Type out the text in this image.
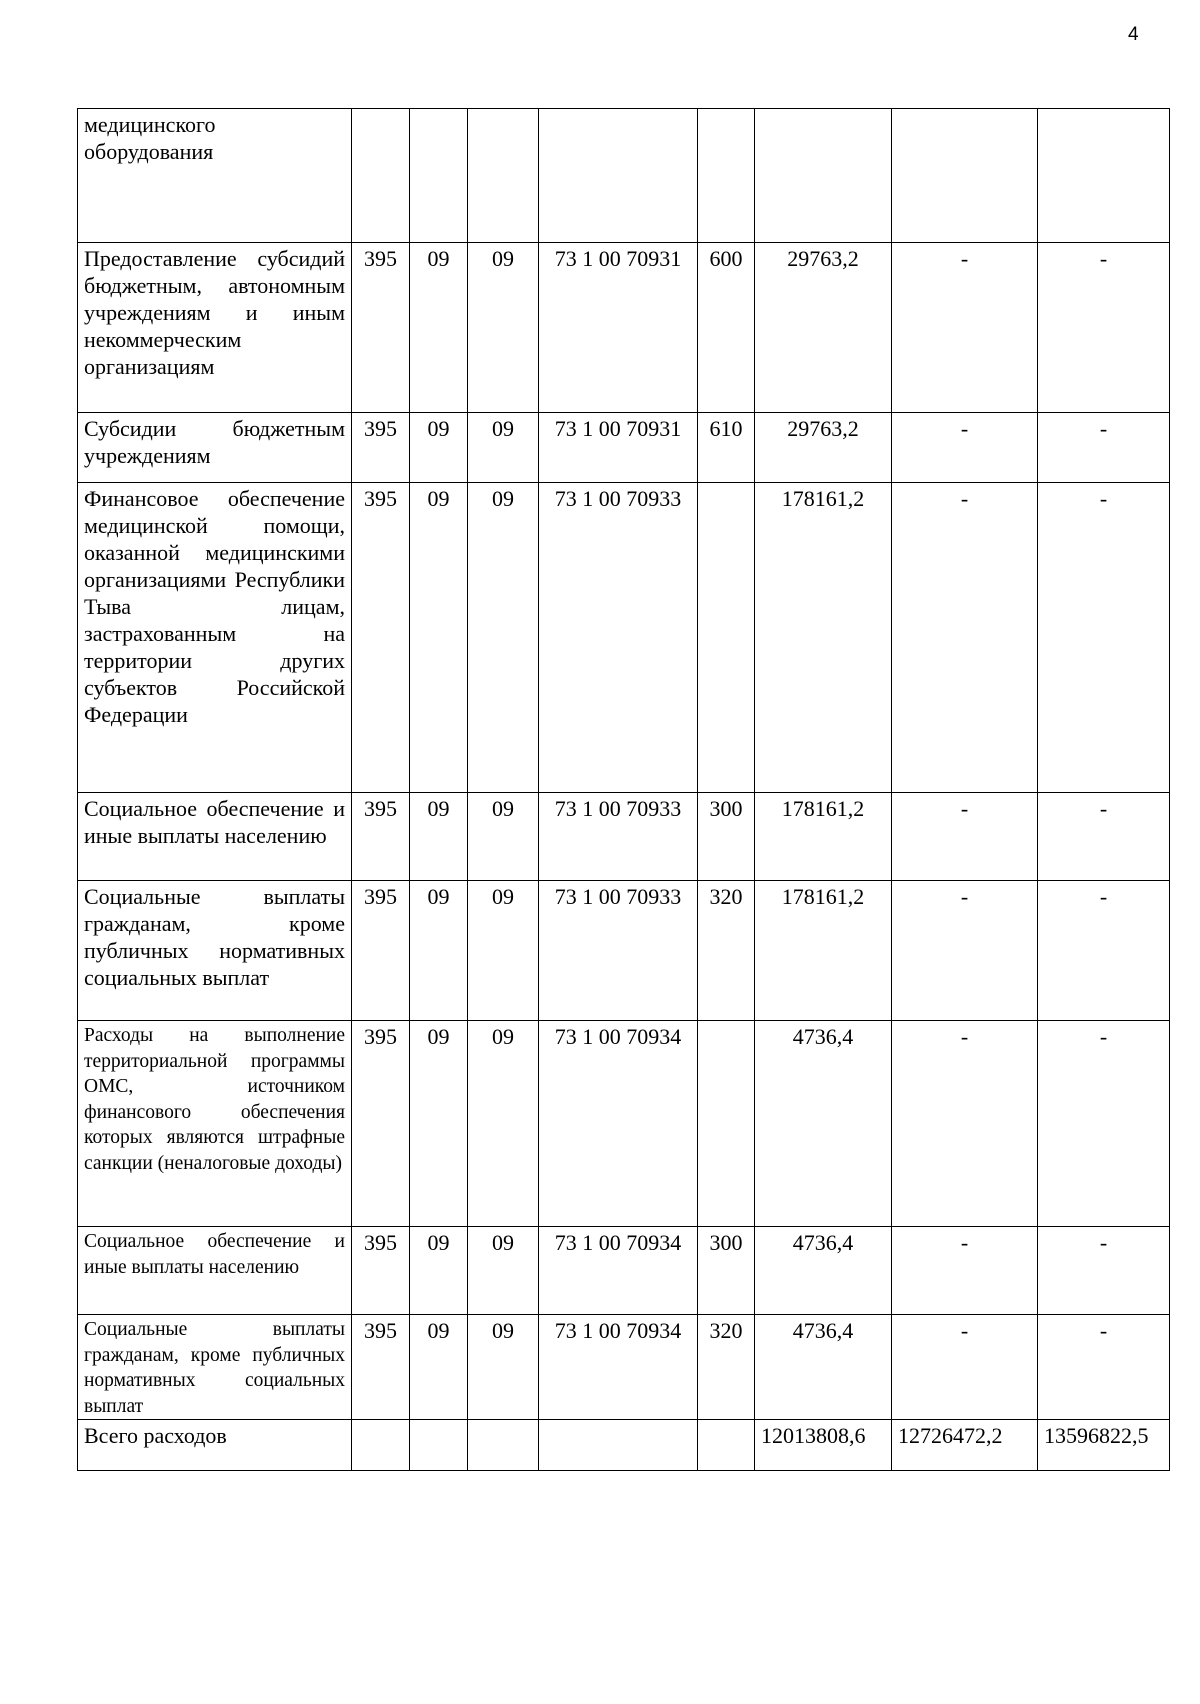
4
медицинского оборудования								
Предоставление субсидий бюджетным, автономным учреждениям и иным некоммерческим организациям	395	09	09	73 1 00 70931	600	29763,2	-	-
Субсидии бюджетным учреждениям	395	09	09	73 1 00 70931	610	29763,2	-	-
Финансовое обеспечение медицинской помощи, оказанной медицинскими организациями Республики Тыва лицам, застрахованным на территории других субъектов Российской Федерации	395	09	09	73 1 00 70933		178161,2	-	-
Социальное обеспечение и иные выплаты населению	395	09	09	73 1 00 70933	300	178161,2	-	-
Социальные выплаты гражданам, кроме публичных нормативных социальных выплат	395	09	09	73 1 00 70933	320	178161,2	-	-
Расходы на выполнение территориальной программы ОМС, источником финансового обеспечения которых являются штрафные санкции (неналоговые доходы)	395	09	09	73 1 00 70934		4736,4	-	-
Социальное обеспечение и иные выплаты населению	395	09	09	73 1 00 70934	300	4736,4	-	-
Социальные выплаты гражданам, кроме публичных нормативных социальных выплат	395	09	09	73 1 00 70934	320	4736,4	-	-
Всего расходов						12013808,6	12726472,2	13596822,5
